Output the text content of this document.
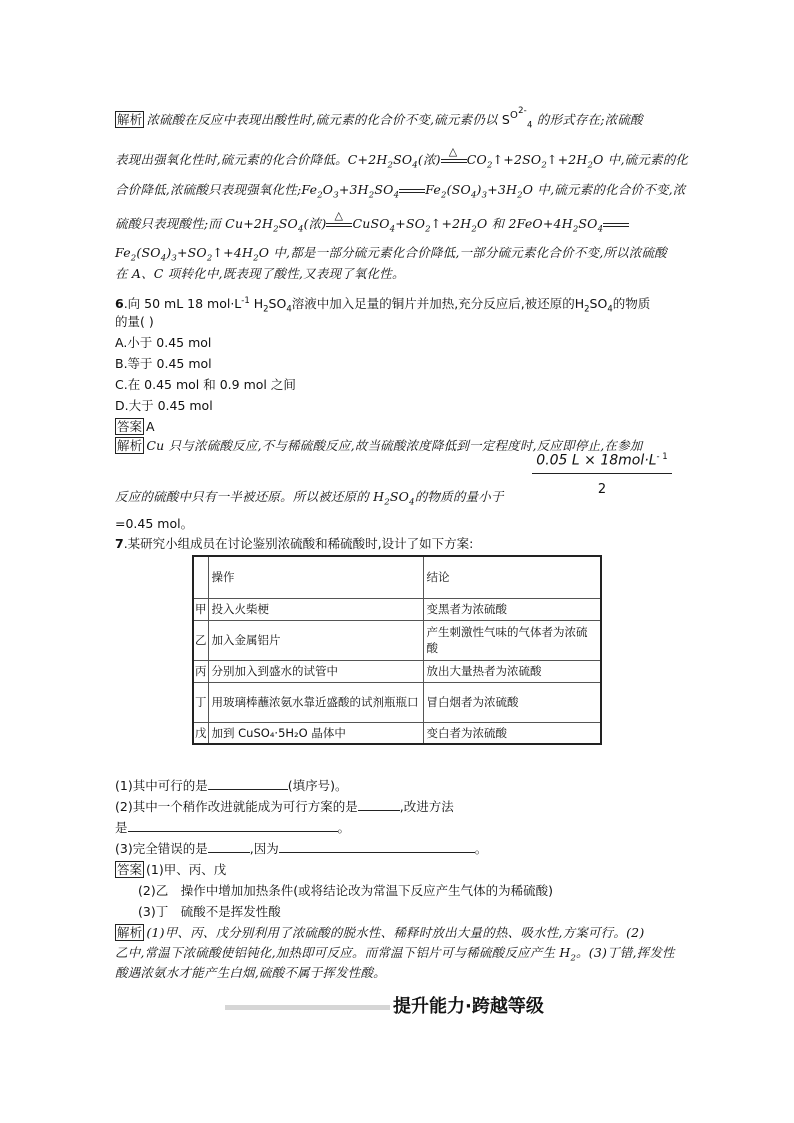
解析 浓硫酸在反应中表现出酸性时,硫元素的化合价不变,硫元素仍以 $S^{O2-}_4$ 的形式存在;浓硫酸
表现出强氧化性时,硫元素的化合价降低。$C+2H_2SO_4$(浓)
△
$CO_2↑+2SO_2↑+2H_2O$ 中,硫元素的化
合价降低,浓硫酸只表现强氧化性$;Fe_2O_3+3H_2SO_4$ $Fe_2(SO_4)_3+3H_2O$ 中,硫元素的化合价不变,浓
硫酸只表现酸性;而 $Cu+2H_2SO_4$(浓)
△
$CuSO_4+SO_2↑+2H_2O$ 和 $2FeO+4H_2SO_4$
$Fe_2(SO_4)_3+SO_2↑+4H_2O$ 中,都是一部分硫元素化合价降低,一部分硫元素化合价不变,所以浓硫酸
在 A、C 项转化中,既表现了酸性,又表现了氧化性。
6.向 50 mL 18 $mol\cdot L^{-1}$ $H_2SO_4$溶液中加入足量的铜片并加热,充分反应后,被还原的$H_2SO_4$的物质
的量( )
A.小于 0.45 mol
B.等于 0.45 mol
C.在 0.45 mol 和 0.9 mol 之间
D.大于 0.45 mol
答案 A
解析 Cu 只与浓硫酸反应,不与稀硫酸反应,故当硫酸浓度降低到一定程度时,反应即停止,在参加
0.05 $L \times 18mol\cdot L^{- 1}$
2
反应的硫酸中只有一半被还原。所以被还原的 $H_2SO_4$的物质的量小于
=0.45 mol。
7.某研究小组成员在讨论鉴别浓硫酸和稀硫酸时,设计了如下方案:
	操作	结论
甲	投入火柴梗	变黑者为浓硫酸
乙	加入金属铝片	产生刺激性气味的气体者为浓硫酸
丙	分别加入到盛水的试管中	放出大量热者为浓硫酸
丁	用玻璃棒蘸浓氨水靠近盛酸的试剂瓶瓶口	冒白烟者为浓硫酸
戊	加到 CuSO₄·5H₂O 晶体中	变白者为浓硫酸
(1)其中可行的是	(填序号)。
(2)其中一个稍作改进就能成为可行方案的是	,改进方法
是	。
(3)完全错误的是	,因为	。
答案 (1)甲、丙、戊
(2)乙　操作中增加加热条件(或将结论改为常温下反应产生气体的为稀硫酸)
(3)丁　硫酸不是挥发性酸
解析 (1)甲、丙、戊分别利用了浓硫酸的脱水性、稀释时放出大量的热、吸水性,方案可行。(2)
乙中,常温下浓硫酸使铝钝化,加热即可反应。而常温下铝片可与稀硫酸反应产生 $H_2$。(3)丁错,挥发性
酸遇浓氨水才能产生白烟,硫酸不属于挥发性酸。
提升能力·跨越等级
